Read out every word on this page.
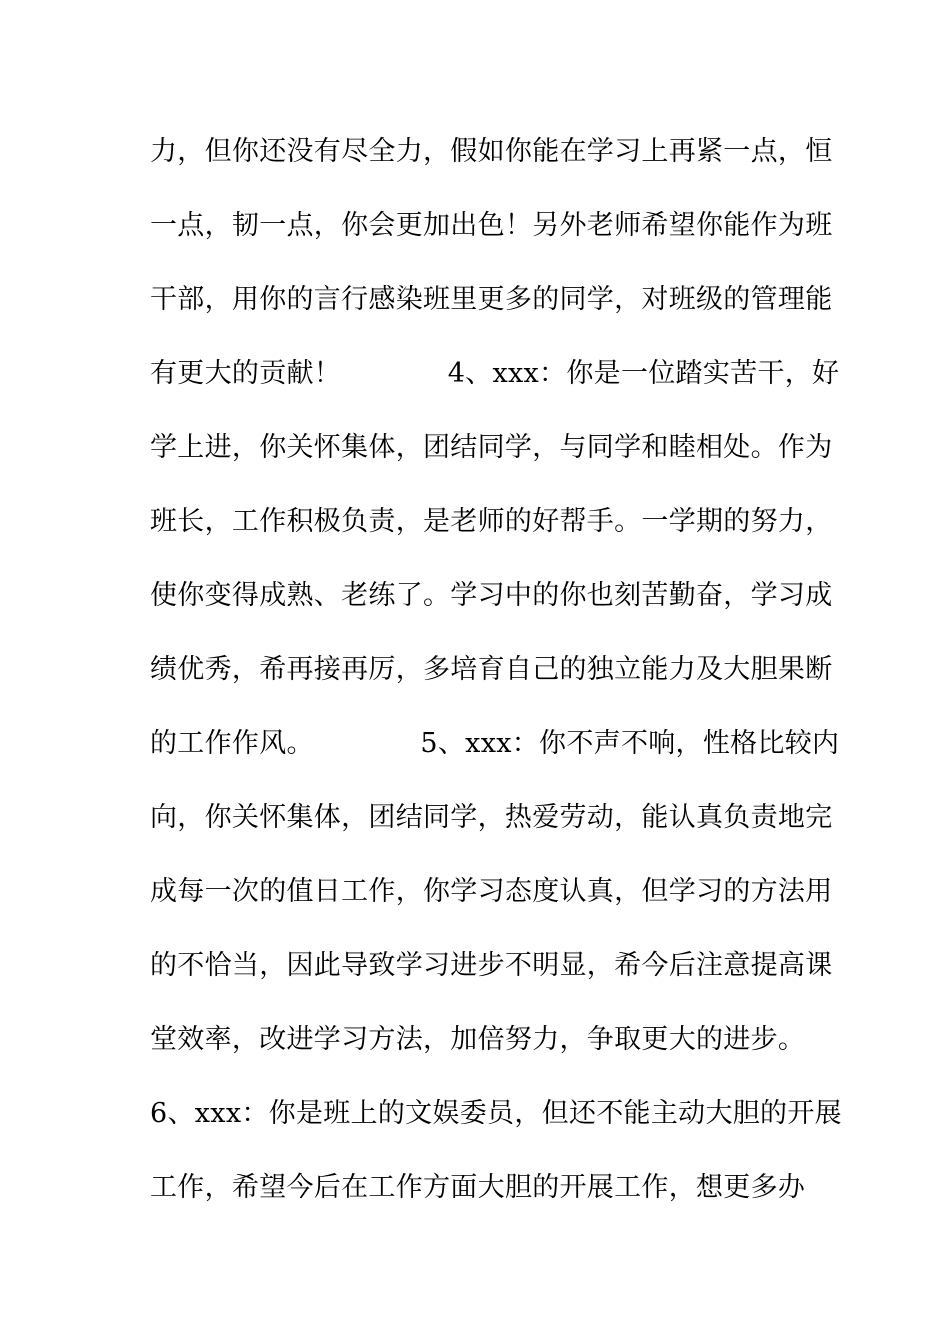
力，但你还没有尽全力，假如你能在学习上再紧一点，恒
一点，韧一点，你会更加出色！另外老师希望你能作为班
干部，用你的言行感染班里更多的同学，对班级的管理能
有更大的贡献！            4、xxx：你是一位踏实苦干，好
学上进，你关怀集体，团结同学，与同学和睦相处。作为
班长，工作积极负责，是老师的好帮手。一学期的努力，
使你变得成熟、老练了。学习中的你也刻苦勤奋，学习成
绩优秀，希再接再厉，多培育自己的独立能力及大胆果断
的工作作风。            5、xxx：你不声不响，性格比较内
向，你关怀集体，团结同学，热爱劳动，能认真负责地完
成每一次的值日工作，你学习态度认真，但学习的方法用
的不恰当，因此导致学习进步不明显，希今后注意提高课
堂效率，改进学习方法，加倍努力，争取更大的进步。
6、xxx：你是班上的文娱委员，但还不能主动大胆的开展
工作，希望今后在工作方面大胆的开展工作，想更多办
